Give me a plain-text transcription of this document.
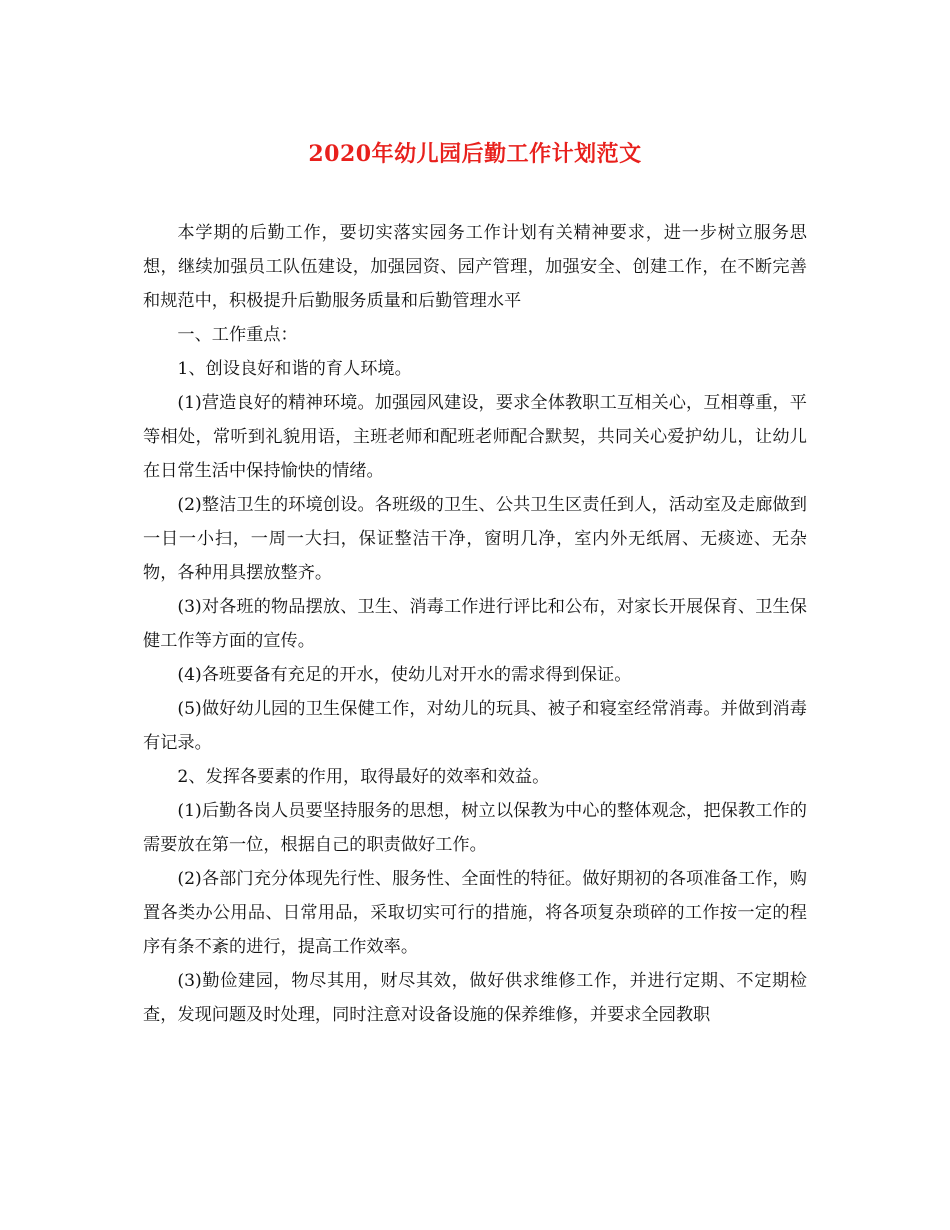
2020年幼儿园后勤工作计划范文

本学期的后勤工作，要切实落实园务工作计划有关精神要求，进一步树立服务思想，继续加强员工队伍建设，加强园资、园产管理，加强安全、创建工作，在不断完善和规范中，积极提升后勤服务质量和后勤管理水平

一、工作重点：

1、创设良好和谐的育人环境。

(1)营造良好的精神环境。加强园风建设，要求全体教职工互相关心，互相尊重，平等相处，常听到礼貌用语，主班老师和配班老师配合默契，共同关心爱护幼儿，让幼儿在日常生活中保持愉快的情绪。

(2)整洁卫生的环境创设。各班级的卫生、公共卫生区责任到人，活动室及走廊做到一日一小扫，一周一大扫，保证整洁干净，窗明几净，室内外无纸屑、无痰迹、无杂物，各种用具摆放整齐。

(3)对各班的物品摆放、卫生、消毒工作进行评比和公布，对家长开展保育、卫生保健工作等方面的宣传。

(4)各班要备有充足的开水，使幼儿对开水的需求得到保证。

(5)做好幼儿园的卫生保健工作，对幼儿的玩具、被子和寝室经常消毒。并做到消毒有记录。

2、发挥各要素的作用，取得最好的效率和效益。

(1)后勤各岗人员要坚持服务的思想，树立以保教为中心的整体观念，把保教工作的需要放在第一位，根据自己的职责做好工作。

(2)各部门充分体现先行性、服务性、全面性的特征。做好期初的各项准备工作，购置各类办公用品、日常用品，采取切实可行的措施，将各项复杂琐碎的工作按一定的程序有条不紊的进行，提高工作效率。

(3)勤俭建园，物尽其用，财尽其效，做好供求维修工作，并进行定期、不定期检查，发现问题及时处理，同时注意对设备设施的保养维修，并要求全园教职
